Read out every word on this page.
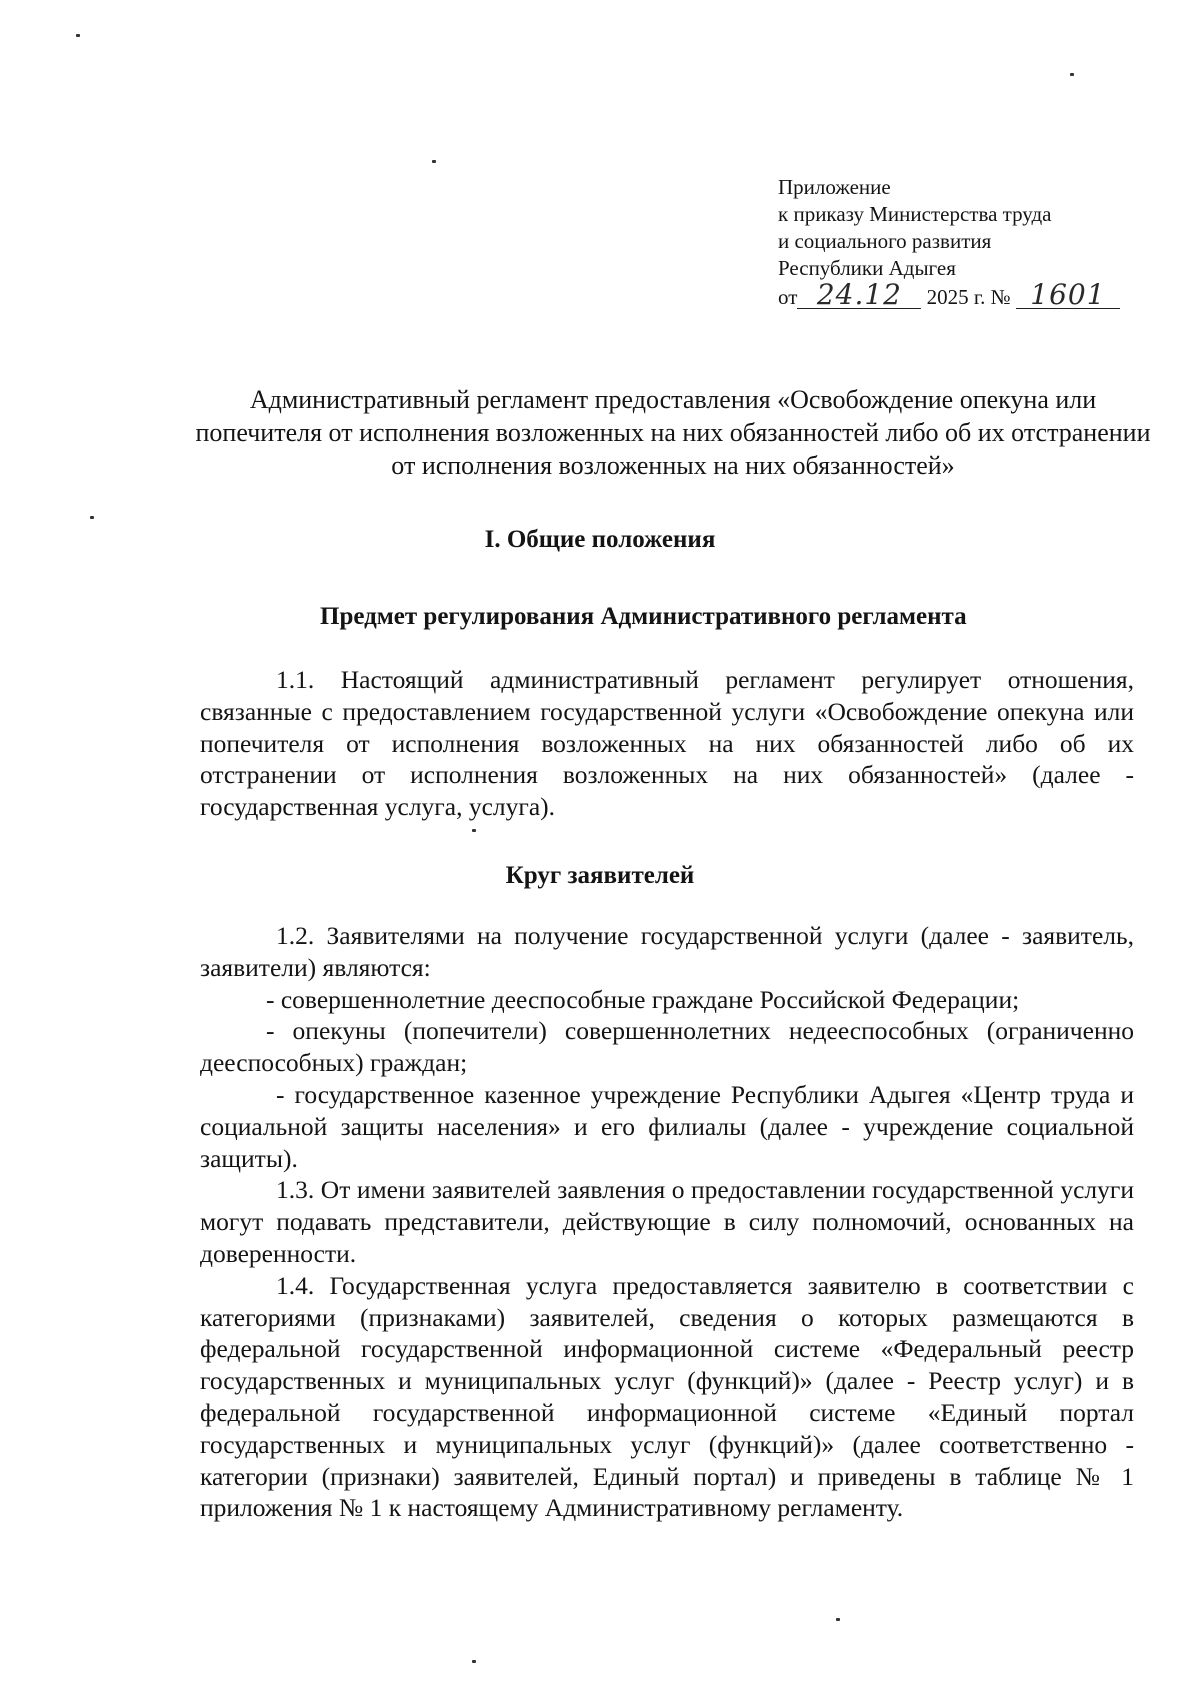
Приложение
к приказу Министерства труда
и социального развития
Республики Адыгея
от 24.12 2025 г. № 1601
Административный регламент предоставления «Освобождение опекуна или попечителя от исполнения возложенных на них обязанностей либо об их отстранении от исполнения возложенных на них обязанностей»
I. Общие положения
Предмет регулирования Административного регламента

1.1. Настоящий административный регламент регулирует отношения, связанные с предоставлением государственной услуги «Освобождение опекуна или попечителя от исполнения возложенных на них обязанностей либо об их отстранении от исполнения возложенных на них обязанностей» (далее - государственная услуга, услуга).

Круг заявителей

1.2. Заявителями на получение государственной услуги (далее - заявитель, заявители) являются:

- совершеннолетние дееспособные граждане Российской Федерации;

- опекуны (попечители) совершеннолетних недееспособных (ограниченно дееспособных) граждан;

- государственное казенное учреждение Республики Адыгея «Центр труда и социальной защиты населения» и его филиалы (далее - учреждение социальной защиты).

1.3. От имени заявителей заявления о предоставлении государственной услуги могут подавать представители, действующие в силу полномочий, основанных на доверенности.

1.4. Государственная услуга предоставляется заявителю в соответствии с категориями (признаками) заявителей, сведения о которых размещаются в федеральной государственной информационной системе «Федеральный реестр государственных и муниципальных услуг (функций)» (далее - Реестр услуг) и в федеральной государственной информационной системе «Единый портал государственных и муниципальных услуг (функций)» (далее соответственно - категории (признаки) заявителей, Единый портал) и приведены в таблице № 1 приложения № 1 к настоящему Административному регламенту.
